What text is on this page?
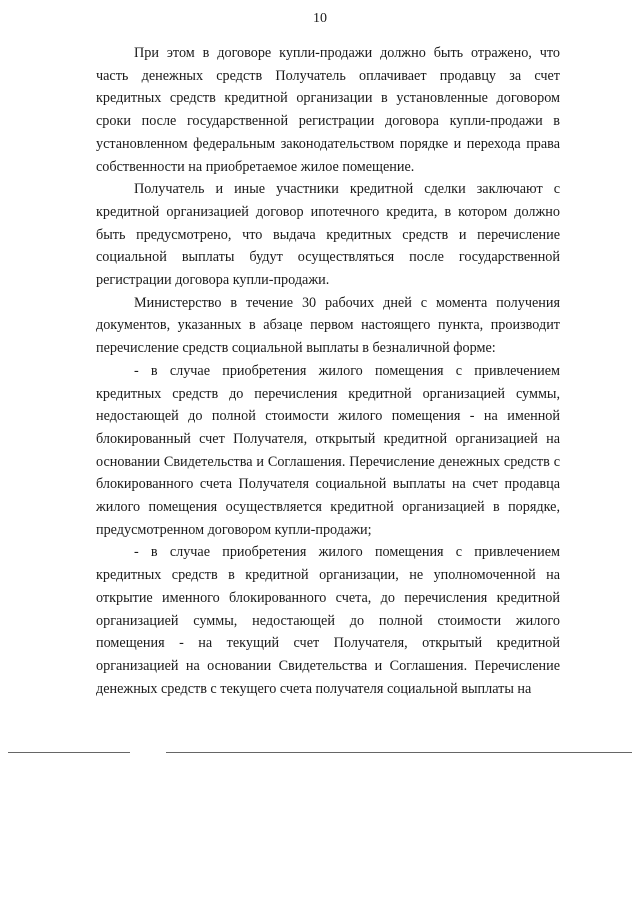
10

При этом в договоре купли-продажи должно быть отражено, что часть денежных средств Получатель оплачивает продавцу за счет кредитных средств кредитной организации в установленные договором сроки после государственной регистрации договора купли-продажи в установленном федеральным законодательством порядке и перехода права собственности на приобретаемое жилое помещение.

Получатель и иные участники кредитной сделки заключают с кредитной организацией договор ипотечного кредита, в котором должно быть предусмотрено, что выдача кредитных средств и перечисление социальной выплаты будут осуществляться после государственной регистрации договора купли-продажи.

Министерство в течение 30 рабочих дней с момента получения документов, указанных в абзаце первом настоящего пункта, производит перечисление средств социальной выплаты в безналичной форме:

- в случае приобретения жилого помещения с привлечением кредитных средств до перечисления кредитной организацией суммы, недостающей до полной стоимости жилого помещения - на именной блокированный счет Получателя, открытый кредитной организацией на основании Свидетельства и Соглашения. Перечисление денежных средств с блокированного счета Получателя социальной выплаты на счет продавца жилого помещения осуществляется кредитной организацией в порядке, предусмотренном договором купли-продажи;

- в случае приобретения жилого помещения с привлечением кредитных средств в кредитной организации, не уполномоченной на открытие именного блокированного счета, до перечисления кредитной организацией суммы, недостающей до полной стоимости жилого помещения - на текущий счет Получателя, открытый кредитной организацией на основании Свидетельства и Соглашения. Перечисление денежных средств с текущего счета получателя социальной выплаты на
